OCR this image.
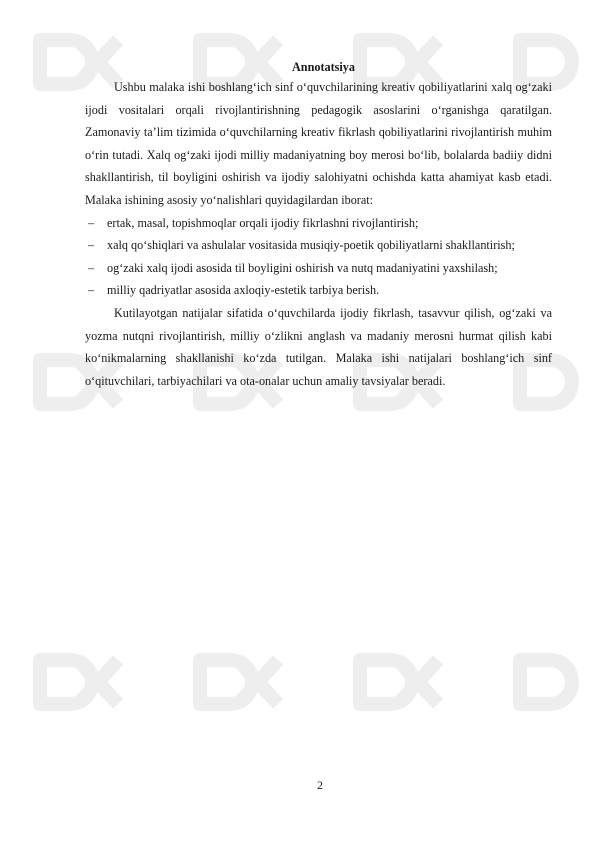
Annotatsiya

Ushbu malaka ishi boshlang‘ich sinf o‘quvchilarining kreativ qobiliyatlarini xalq og‘zaki ijodi vositalari orqali rivojlantirishning pedagogik asoslarini o‘rganishga qaratilgan. Zamonaviy ta’lim tizimida o‘quvchilarning kreativ fikrlash qobiliyatlarini rivojlantirish muhim o‘rin tutadi. Xalq og‘zaki ijodi milliy madaniyatning boy merosi bo‘lib, bolalarda badiiy didni shakllantirish, til boyligini oshirish va ijodiy salohiyatni ochishda katta ahamiyat kasb etadi. Malaka ishining asosiy yo‘nalishlari quyidagilardan iborat:

– ertak, masal, topishmoqlar orqali ijodiy fikrlashni rivojlantirish;
– xalq qo‘shiqlari va ashulalar vositasida musiqiy-poetik qobiliyatlarni shakllantirish;
– og‘zaki xalq ijodi asosida til boyligini oshirish va nutq madaniyatini yaxshilash;
– milliy qadriyatlar asosida axloqiy-estetik tarbiya berish.

Kutilayotgan natijalar sifatida o‘quvchilarda ijodiy fikrlash, tasavvur qilish, og‘zaki va yozma nutqni rivojlantirish, milliy o‘zlikni anglash va madaniy merosni hurmat qilish kabi ko‘nikmalarning shakllanishi ko‘zda tutilgan. Malaka ishi natijalari boshlang‘ich sinf o‘qituvchilari, tarbiyachilari va ota-onalar uchun amaliy tavsiyalar beradi.

2
